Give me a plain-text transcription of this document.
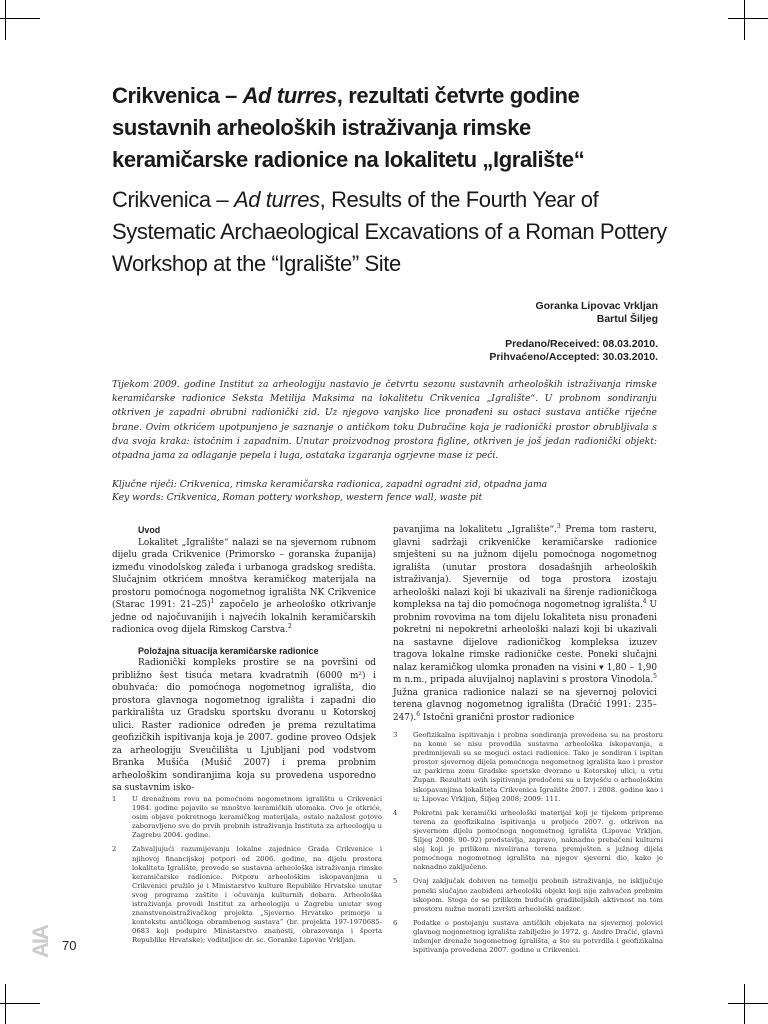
Crikvenica – Ad turres, rezultati četvrte godine sustavnih arheoloških istraživanja rimske keramičarske radionice na lokalitetu „Igralište“
Crikvenica – Ad turres, Results of the Fourth Year of Systematic Archaeological Excavations of a Roman Pottery Workshop at the “Igralište” Site
Goranka Lipovac Vrkljan
Bartul Šiljeg
Predano/Received: 08.03.2010.
Prihvaćeno/Accepted: 30.03.2010.
Tijekom 2009. godine Institut za arheologiju nastavio je četvrtu sezonu sustavnih arheoloških istraživanja rimske keramičarske radionice Seksta Metilija Maksima na lokalitetu Crikvenica „Igralište“. U probnom sondiranju otkriven je zapadni obrubni radionički zid. Uz njegovo vanjsko lice pronađeni su ostaci sustava antičke riječne brane. Ovim otkrićem upotpunjeno je saznanje o antičkom toku Dubračine koja je radionički prostor obrubljivala s dva svoja kraka: istočnim i zapadnim. Unutar proizvodnog prostora figline, otkriven je još jedan radionički objekt: otpadna jama za odlaganje pepela i luga, ostataka izgaranja ogrjevne mase iz peći.
Ključne riječi: Crikvenica, rimska keramičarska radionica, zapadni ogradni zid, otpadna jama
Key words: Crikvenica, Roman pottery workshop, western fence wall, waste pit

Uvod

Lokalitet „Igralište“ nalazi se na sjevernom rubnom dijelu grada Crikvenice (Primorsko – goranska županija) između vinodolskog zaleđa i urbanoga gradskog središta. Slučajnim otkrićem mnoštva keramičkog materijala na prostoru pomoćnoga nogometnog igrališta NK Crikvenice (Starac 1991: 21–25)$^1$ započelo je arheološko otkrivanje jedne od najočuvanijih i najvećih lokalnih keramičarskih radionica ovog dijela Rimskog Carstva.$^2$

Položajna situacija keramičarske radionice

Radionički kompleks prostire se na površini od približno šest tisuća metara kvadratnih (6000 m²) i obuhvaća: dio pomoćnoga nogometnog igrališta, dio prostora glavnoga nogometnog igrališta i zapadni dio parkirališta uz Gradsku sportsku dvoranu u Kotorskoj ulici. Raster radionice određen je prema rezultatima geofizičkih ispitivanja koja je 2007. godine proveo Odsjek za arheologiju Sveučilišta u Ljubljani pod vodstvom Branka Mušiča (Mušič 2007) i prema probnim arheološkim sondiranjima koja su provedena usporedno sa sustavnim isko-

pavanjima na lokalitetu „Igralište“.$^3$ Prema tom rasteru, glavni sadržaji crikveničke keramičarske radionice smješteni su na južnom dijelu pomoćnoga nogometnog igrališta (unutar prostora dosadašnjih arheoloških istraživanja). Sjevernije od toga prostora izostaju arheološki nalazi koji bi ukazivali na širenje radioničkoga kompleksa na taj dio pomoćnoga nogometnog igrališta.$^4$ U probnim rovovima na tom dijelu lokaliteta nisu pronađeni pokretni ni nepokretni arheološki nalazi koji bi ukazivali na sastavne dijelove radioničkog kompleksa izuzev tragova lokalne rimske radioničke ceste. Poneki slučajni nalaz keramičkog ulomka pronađen na visini ▾ 1,80 – 1,90 m n.m., pripada aluvijalnoj naplavini s prostora Vinodola.$^5$ Južna granica radionice nalazi se na sjevernoj polovici terena glavnog nogometnog igrališta (Dračić 1991: 235–247).$^6$ Istočni granični prostor radionice

1 U drenažnom rovu na pomoćnom nogometnom igralištu u Crikvenici 1984. godine pojavilo se mnoštvo keramičkih ulomaka. Ovo je otkriće, osim objave pokretnoga keramičkog materijala, ostalo nažalost gotovo zaboravljeno sve do prvih probnih istraživanja Instituta za arheologiju u Zagrebu 2004. godine.
2 Zahvaljujući razumijevanju lokalne zajednice Grada Crikvenice i njihovoj financijskoj potpori od 2006. godine, na dijelu prostora lokaliteta Igralište, provode se sustavna arheološka istraživanja rimske keramičarske radionice. Potporu arheološkim iskopavanjima u Crikvenici pružilo je i Ministarstvo kulture Republike Hrvatske unutar svog programa zaštite i očuvanja kulturnih dobara. Arheološka istraživanja provodi Institut za arheologiju u Zagrebu unutar svog znanstvenoistraživačkog projekta „Sjeverno Hrvatsko primorje u kontekstu antičkoga obrambenog sustava“ (br. projekta 197-1970685-0683 koji podupire Ministarstvo znanosti, obrazovanja i športa Republike Hrvatske); voditeljice dr. sc. Goranke Lipovac Vrkljan.
3 Geofizikalna ispitivanja i probna sondiranja provedena su na prostoru na kome se nisu provodila sustavna arheološka iskopavanja, a predmnijevali su se mogući ostaci radionice. Tako je sondiran i ispitan prostor sjevernog dijela pomoćnoga nogometnog igrališta kao i prostor uz parkirnu zonu Gradske sportske dvorane u Kotorskoj ulici, u vrtu Župan. Rezultati ovih ispitivanja predočeni su u Izvješću o arheološkim iskopavanjima lokaliteta Crikvenica Igralište 2007. i 2008. godine kao i u: Lipovac Vrkljan, Šiljeg 2008; 2009: 111.
4 Pokretni pak keramički arheološki materijal koji je tijekom pripreme terena za geofizikalna ispitivanja u proljeće 2007. g. otkriven na sjevernom dijelu pomoćnoga nogometnog igrališta (Lipovac Vrkljan, Šiljeg 2008: 90–92) predstavlja, zapravo, naknadno prebačeni kulturni sloj koji je prilikom nivelirana terena premješten s južnog dijela pomoćnoga nogometnog igrališta na njegov sjeverni dio, kako je naknadno zaključeno.
5 Ovaj zaključak dobiven na temelju probnih istraživanja, ne isključuje poneki slučajno zaobiđeni arheološki objekt koji nije zahvaćen probnim iskopom. Stoga će se prilikom budućih graditeljskih aktivnost na tom prostoru nužno morati izvršiti arheološki nadzor.
6 Podatke o postojanju sustava antičkih objekata na sjevernoj polovici glavnog nogometnog igrališta zabilježio je 1972. g. Andro Dračić, glavni inženjer drenaže nogometnog igrališta, a što su potvrdila i geofizikalna ispitivanja provedena 2007. godine u Crikvenici.
70
AIA
